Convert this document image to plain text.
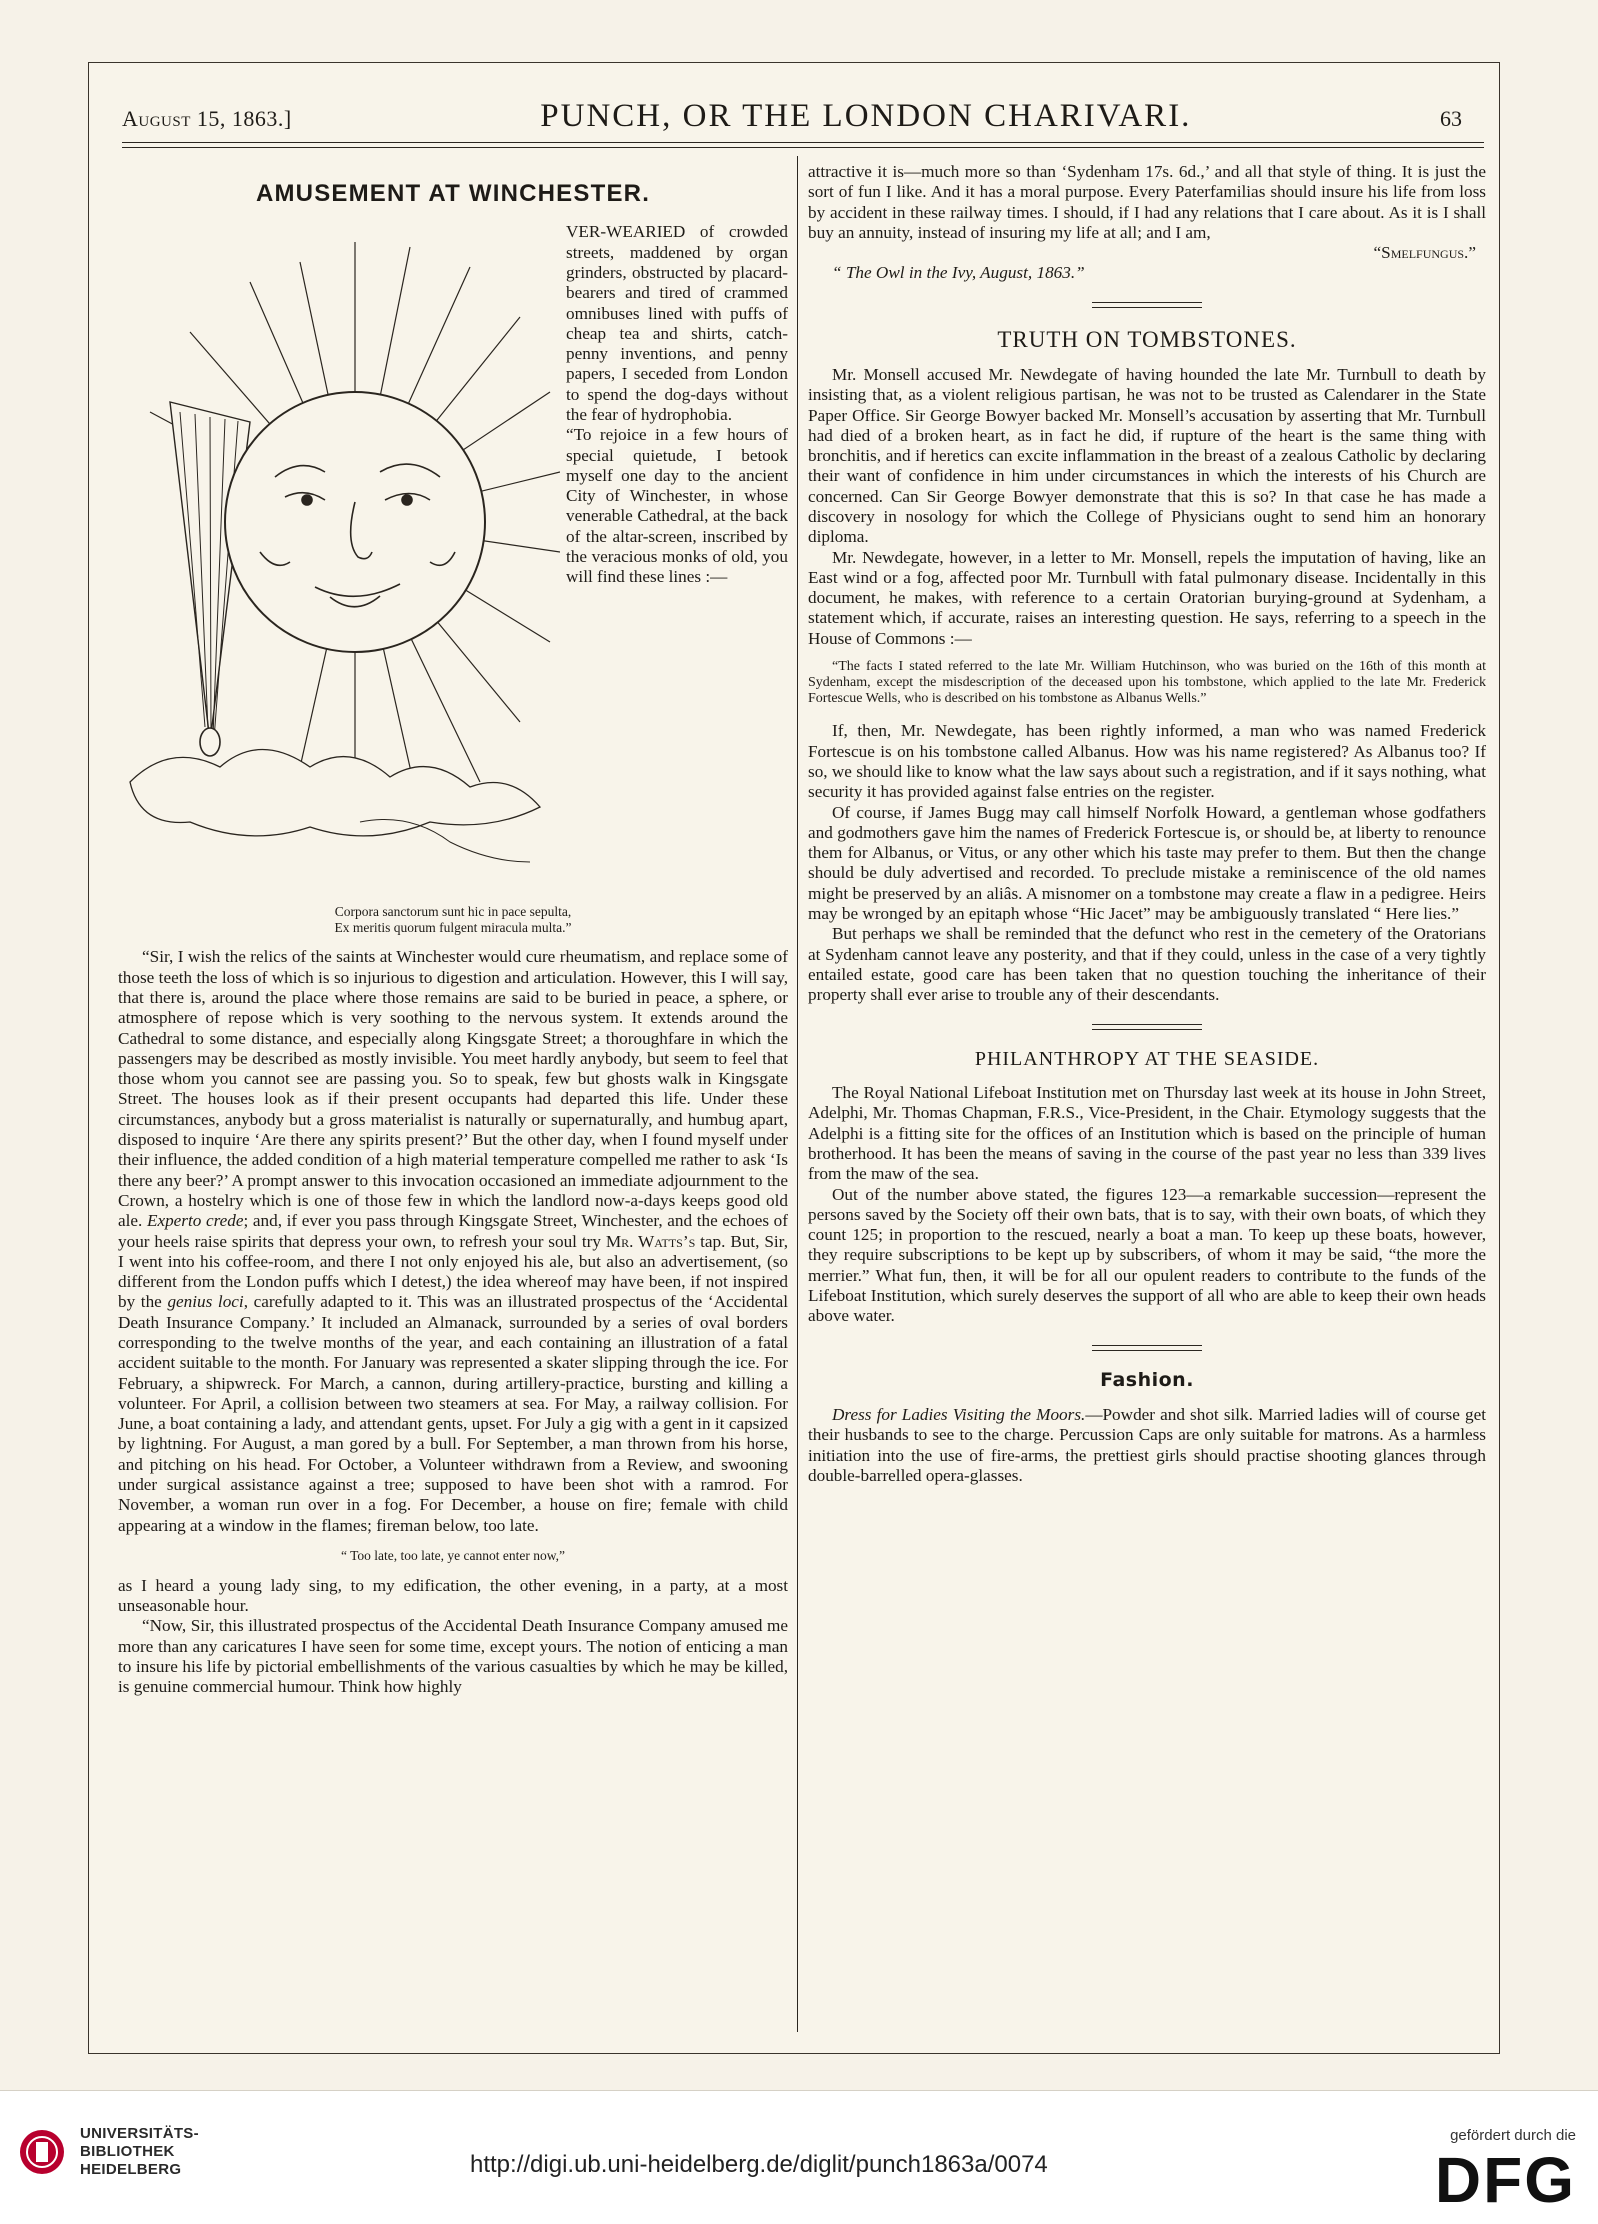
August 15, 1863.]	PUNCH, OR THE LONDON CHARIVARI.	63
AMUSEMENT AT WINCHESTER.

VER-WEARIED of crowded streets, maddened by organ grinders, obstructed by placard-bearers and tired of crammed omnibuses lined with puffs of cheap tea and shirts, catch-penny inventions, and penny papers, I seceded from London to spend the dog-days without the fear of hydrophobia.

“To rejoice in a few hours of special quietude, I betook myself one day to the ancient City of Winchester, in whose venerable Cathedral, at the back of the altar-screen, inscribed by the veracious monks of old, you will find these lines :—

Corpora sanctorum sunt hic in pace sepulta,
Ex meritis quorum fulgent miracula multa.”

“Sir, I wish the relics of the saints at Winchester would cure rheumatism, and replace some of those teeth the loss of which is so injurious to digestion and articulation. However, this I will say, that there is, around the place where those remains are said to be buried in peace, a sphere, or atmosphere of repose which is very soothing to the nervous system. It extends around the Cathedral to some distance, and especially along Kingsgate Street; a thoroughfare in which the passengers may be described as mostly invisible. You meet hardly anybody, but seem to feel that those whom you cannot see are passing you. So to speak, few but ghosts walk in Kingsgate Street. The houses look as if their present occupants had departed this life. Under these circumstances, anybody but a gross materialist is naturally or supernaturally, and humbug apart, disposed to inquire ‘Are there any spirits present?’ But the other day, when I found myself under their influence, the added condition of a high material temperature compelled me rather to ask ‘Is there any beer?’ A prompt answer to this invocation occasioned an immediate adjournment to the Crown, a hostelry which is one of those few in which the landlord now-a-days keeps good old ale. Experto crede; and, if ever you pass through Kingsgate Street, Winchester, and the echoes of your heels raise spirits that depress your own, to refresh your soul try Mr. Watts’s tap. But, Sir, I went into his coffee-room, and there I not only enjoyed his ale, but also an advertisement, (so different from the London puffs which I detest,) the idea whereof may have been, if not inspired by the genius loci, carefully adapted to it. This was an illustrated prospectus of the ‘Accidental Death Insurance Company.’ It included an Almanack, surrounded by a series of oval borders corresponding to the twelve months of the year, and each containing an illustration of a fatal accident suitable to the month. For January was represented a skater slipping through the ice. For February, a shipwreck. For March, a cannon, during artillery-practice, bursting and killing a volunteer. For April, a collision between two steamers at sea. For May, a railway collision. For June, a boat containing a lady, and attendant gents, upset. For July a gig with a gent in it capsized by lightning. For August, a man gored by a bull. For September, a man thrown from his horse, and pitching on his head. For October, a Volunteer withdrawn from a Review, and swooning under surgical assistance against a tree; supposed to have been shot with a ramrod. For November, a woman run over in a fog. For December, a house on fire; female with child appearing at a window in the flames; fireman below, too late.

“ Too late, too late, ye cannot enter now,”

as I heard a young lady sing, to my edification, the other evening, in a party, at a most unseasonable hour.

“Now, Sir, this illustrated prospectus of the Accidental Death Insurance Company amused me more than any caricatures I have seen for some time, except yours. The notion of enticing a man to insure his life by pictorial embellishments of the various casualties by which he may be killed, is genuine commercial humour. Think how highly

attractive it is—much more so than ‘Sydenham 17s. 6d.,’ and all that style of thing. It is just the sort of fun I like. And it has a moral purpose. Every Paterfamilias should insure his life from loss by accident in these railway times. I should, if I had any relations that I care about. As it is I shall buy an annuity, instead of insuring my life at all; and I am,
“Smelfungus.”

“ The Owl in the Ivy, August, 1863.”

TRUTH ON TOMBSTONES.

Mr. Monsell accused Mr. Newdegate of having hounded the late Mr. Turnbull to death by insisting that, as a violent religious partisan, he was not to be trusted as Calendarer in the State Paper Office. Sir George Bowyer backed Mr. Monsell’s accusation by asserting that Mr. Turnbull had died of a broken heart, as in fact he did, if rupture of the heart is the same thing with bronchitis, and if heretics can excite inflammation in the breast of a zealous Catholic by declaring their want of confidence in him under circumstances in which the interests of his Church are concerned. Can Sir George Bowyer demonstrate that this is so? In that case he has made a discovery in nosology for which the College of Physicians ought to send him an honorary diploma.

Mr. Newdegate, however, in a letter to Mr. Monsell, repels the imputation of having, like an East wind or a fog, affected poor Mr. Turnbull with fatal pulmonary disease. Incidentally in this document, he makes, with reference to a certain Oratorian burying-ground at Sydenham, a statement which, if accurate, raises an interesting question. He says, referring to a speech in the House of Commons :—

“The facts I stated referred to the late Mr. William Hutchinson, who was buried on the 16th of this month at Sydenham, except the misdescription of the deceased upon his tombstone, which applied to the late Mr. Frederick Fortescue Wells, who is described on his tombstone as Albanus Wells.”

If, then, Mr. Newdegate, has been rightly informed, a man who was named Frederick Fortescue is on his tombstone called Albanus. How was his name registered? As Albanus too? If so, we should like to know what the law says about such a registration, and if it says nothing, what security it has provided against false entries on the register.

Of course, if James Bugg may call himself Norfolk Howard, a gentleman whose godfathers and godmothers gave him the names of Frederick Fortescue is, or should be, at liberty to renounce them for Albanus, or Vitus, or any other which his taste may prefer to them. But then the change should be duly advertised and recorded. To preclude mistake a reminiscence of the old names might be preserved by an aliâs. A misnomer on a tombstone may create a flaw in a pedigree. Heirs may be wronged by an epitaph whose “Hic Jacet” may be ambiguously translated “ Here lies.”

But perhaps we shall be reminded that the defunct who rest in the cemetery of the Oratorians at Sydenham cannot leave any posterity, and that if they could, unless in the case of a very tightly entailed estate, good care has been taken that no question touching the inheritance of their property shall ever arise to trouble any of their descendants.

PHILANTHROPY AT THE SEASIDE.

The Royal National Lifeboat Institution met on Thursday last week at its house in John Street, Adelphi, Mr. Thomas Chapman, F.R.S., Vice-President, in the Chair. Etymology suggests that the Adelphi is a fitting site for the offices of an Institution which is based on the principle of human brotherhood. It has been the means of saving in the course of the past year no less than 339 lives from the maw of the sea.

Out of the number above stated, the figures 123—a remarkable succession—represent the persons saved by the Society off their own bats, that is to say, with their own boats, of which they count 125; in proportion to the rescued, nearly a boat a man. To keep up these boats, however, they require subscriptions to be kept up by subscribers, of whom it may be said, “the more the merrier.” What fun, then, it will be for all our opulent readers to contribute to the funds of the Lifeboat Institution, which surely deserves the support of all who are able to keep their own heads above water.

Fashion.

Dress for Ladies Visiting the Moors.—Powder and shot silk. Married ladies will of course get their husbands to see to the charge. Percussion Caps are only suitable for matrons. As a harmless initiation into the use of fire-arms, the prettiest girls should practise shooting glances through double-barrelled opera-glasses.

UNIVERSITÄTS-
BIBLIOTHEK
HEIDELBERG	http://digi.ub.uni-heidelberg.de/diglit/punch1863a/0074
gefördert durch die
DFG
